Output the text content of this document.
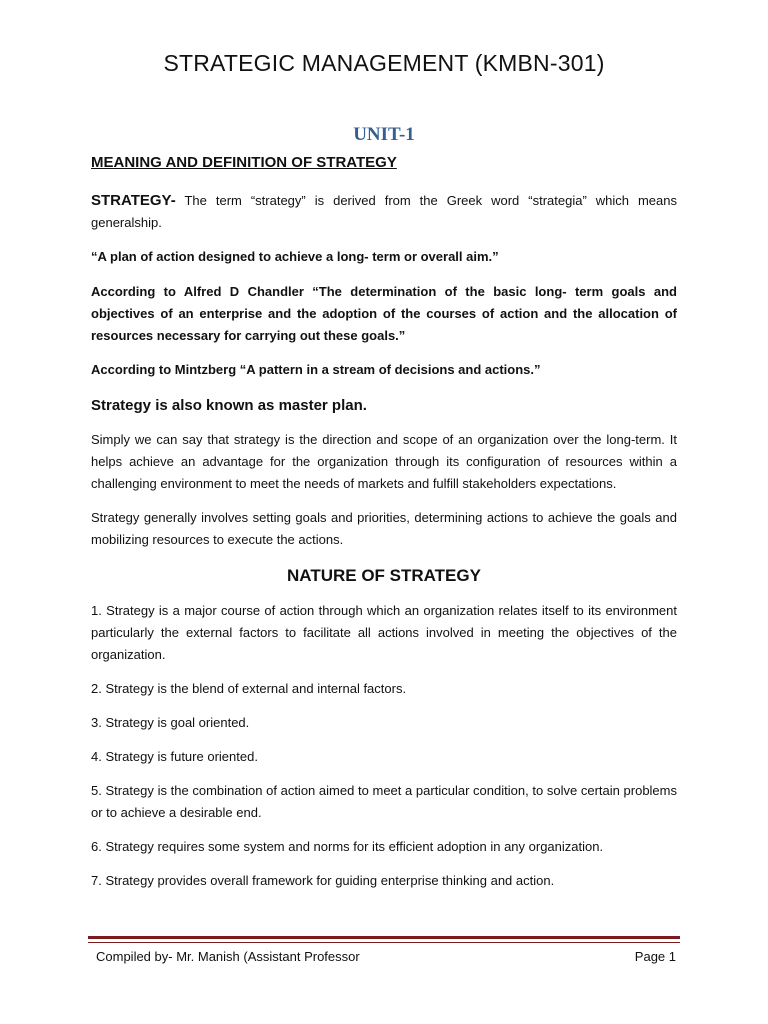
STRATEGIC MANAGEMENT (KMBN-301)
UNIT-1
MEANING AND DEFINITION OF STRATEGY

STRATEGY- The term “strategy” is derived from the Greek word “strategia” which means generalship.

“A plan of action designed to achieve a long- term or overall aim.”

According to Alfred D Chandler “The determination of the basic long- term goals and objectives of an enterprise and the adoption of the courses of action and the allocation of resources necessary for carrying out these goals.”

According to Mintzberg “A pattern in a stream of decisions and actions.”

Strategy is also known as master plan.

Simply we can say that strategy is the direction and scope of an organization over the long-term. It helps achieve an advantage for the organization through its configuration of resources within a challenging environment to meet the needs of markets and fulfill stakeholders expectations.

Strategy generally involves setting goals and priorities, determining actions to achieve the goals and mobilizing resources to execute the actions.

NATURE OF STRATEGY

1. Strategy is a major course of action through which an organization relates itself to its environment particularly the external factors to facilitate all actions involved in meeting the objectives of the organization.

2. Strategy is the blend of external and internal factors.

3. Strategy is goal oriented.

4. Strategy is future oriented.

5. Strategy is the combination of action aimed to meet a particular condition, to solve certain problems or to achieve a desirable end.

6. Strategy requires some system and norms for its efficient adoption in any organization.

7. Strategy provides overall framework for guiding enterprise thinking and action.

Compiled by- Mr. Manish (Assistant Professor	Page 1
